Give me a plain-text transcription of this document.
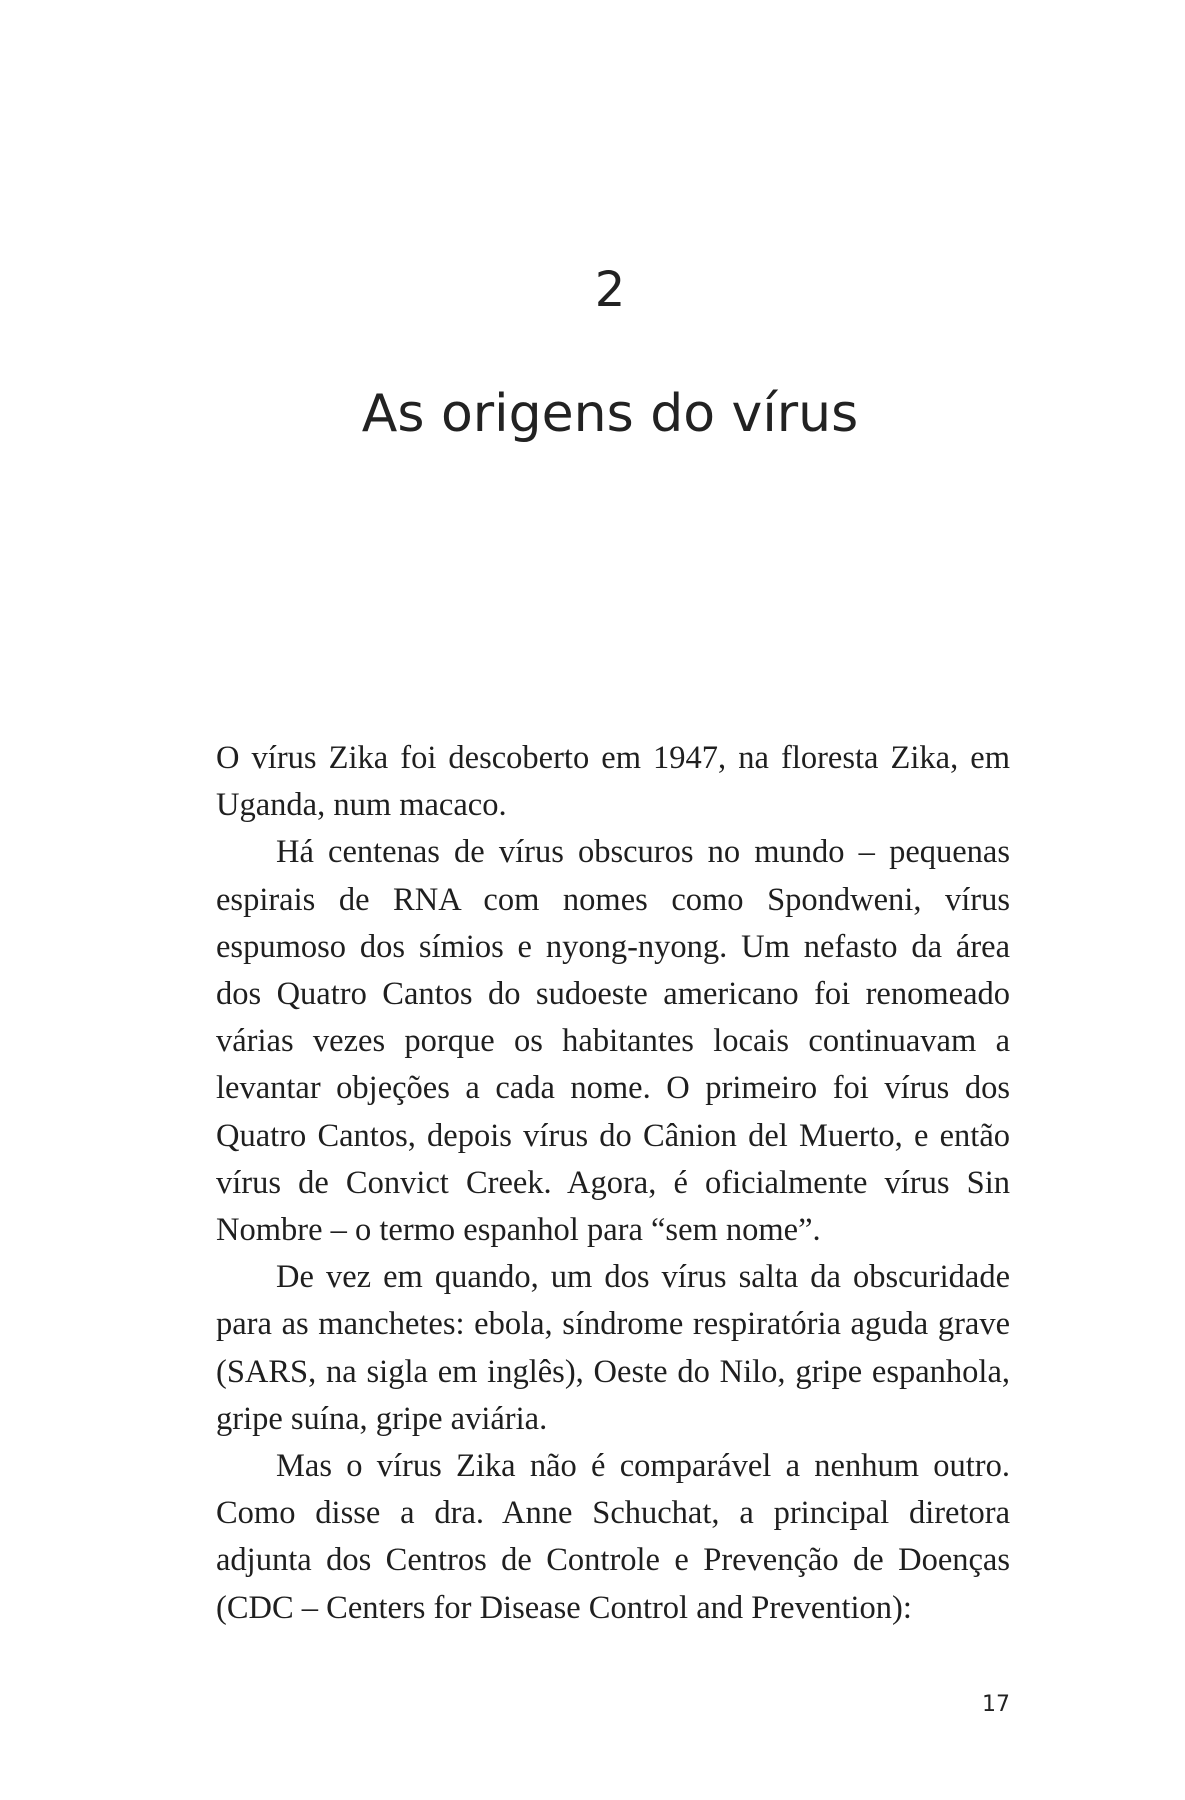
2
As origens do vírus

O vírus Zika foi descoberto em 1947, na floresta Zika, em Uganda, num macaco.

Há centenas de vírus obscuros no mundo – pequenas espirais de RNA com nomes como Spondweni, vírus espumoso dos símios e nyong-nyong. Um nefasto da área dos Quatro Cantos do sudoeste americano foi renomeado várias vezes porque os habitantes locais continuavam a levantar objeções a cada nome. O primeiro foi vírus dos Quatro Cantos, depois vírus do Cânion del Muerto, e então vírus de Convict Creek. Agora, é oficialmente vírus Sin Nombre – o termo espanhol para “sem nome”.

De vez em quando, um dos vírus salta da obscuridade para as manchetes: ebola, síndrome respiratória aguda grave (SARS, na sigla em inglês), Oeste do Nilo, gripe espanhola, gripe suína, gripe aviária.

Mas o vírus Zika não é comparável a nenhum outro. Como disse a dra. Anne Schuchat, a principal diretora adjunta dos Centros de Controle e Prevenção de Doenças (CDC – Centers for Disease Control and Prevention):

17
